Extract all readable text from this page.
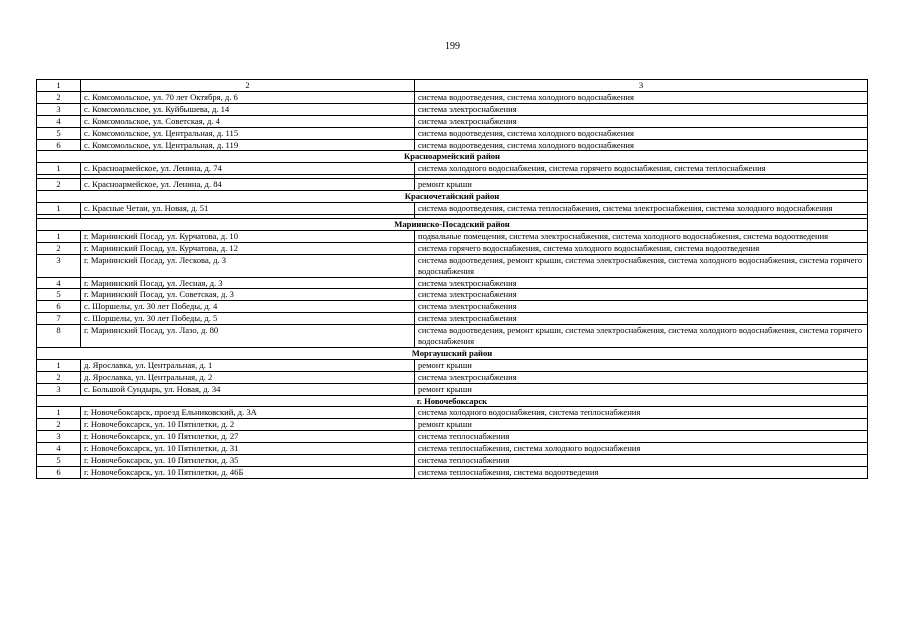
199
1	2	3
2	с. Комсомольское, ул. 70 лет Октября, д. 6	система водоотведения, система холодного водоснабжения
3	с. Комсомольское, ул. Куйбышева, д. 14	система электроснабжения
4	с. Комсомольское, ул. Советская, д. 4	система электроснабжения
5	с. Комсомольское, ул. Центральная, д. 115	система водоотведения, система холодного водоснабжения
6	с. Комсомольское, ул. Центральная, д. 119	система водоотведения, система холодного водоснабжения
Красноармейский район		
1	с. Красноармейское, ул. Ленина, д. 74	система холодного водоснабжения, система горячего водоснабжения, система теплоснабжения

2	с. Красноармейское, ул. Ленина, д. 84	ремонт крыши
Красночетайский район		
1	с. Красные Четаи, ул. Новая, д. 51	система водоотведения, система теплоснабжения, система электроснабжения, система холодного водоснабжения

Мариинско-Посадский район		
1	г. Мариинский Посад, ул. Курчатова, д. 10	подвальные помещения, система электроснабжения, система холодного водоснабжения, система водоотведения
2	г. Мариинский Посад, ул. Курчатова, д. 12	система горячего водоснабжения, система холодного водоснабжения, система водоотведения
3	г. Мариинский Посад, ул. Лескова, д. 3	система водоотведения, ремонт крыши, система электроснабжения, система холодного водоснабжения, система горячего водоснабжения
4	г. Мариинский Посад, ул. Лесная, д. 3	система электроснабжения
5	г. Мариинский Посад, ул. Советская, д. 3	система электроснабжения
6	с. Шоршелы, ул. 30 лет Победы, д. 4	система электроснабжения
7	с. Шоршелы, ул. 30 лет Победы, д. 5	система электроснабжения
8	г. Мариинский Посад, ул. Лазо, д. 80	система водоотведения, ремонт крыши, система электроснабжения, система холодного водоснабжения, система горячего водоснабжения
Моргаушский район		
1	д. Ярославка, ул. Центральная, д. 1	ремонт крыши
2	д. Ярославка, ул. Центральная, д. 2	система электроснабжения
3	с. Большой Сундырь, ул. Новая, д. 34	ремонт крыши
г. Новочебоксарск		
1	г. Новочебоксарск, проезд Ельниковский, д. 3А	система холодного водоснабжения, система теплоснабжения
2	г. Новочебоксарск, ул. 10 Пятилетки, д. 2	ремонт крыши
3	г. Новочебоксарск, ул. 10 Пятилетки, д. 27	система теплоснабжения
4	г. Новочебоксарск, ул. 10 Пятилетки, д. 31	система теплоснабжения, система холодного водоснабжения
5	г. Новочебоксарск, ул. 10 Пятилетки, д. 35	система теплоснабжения
6	г. Новочебоксарск, ул. 10 Пятилетки, д. 46Б	система теплоснабжения, система водоотведения
